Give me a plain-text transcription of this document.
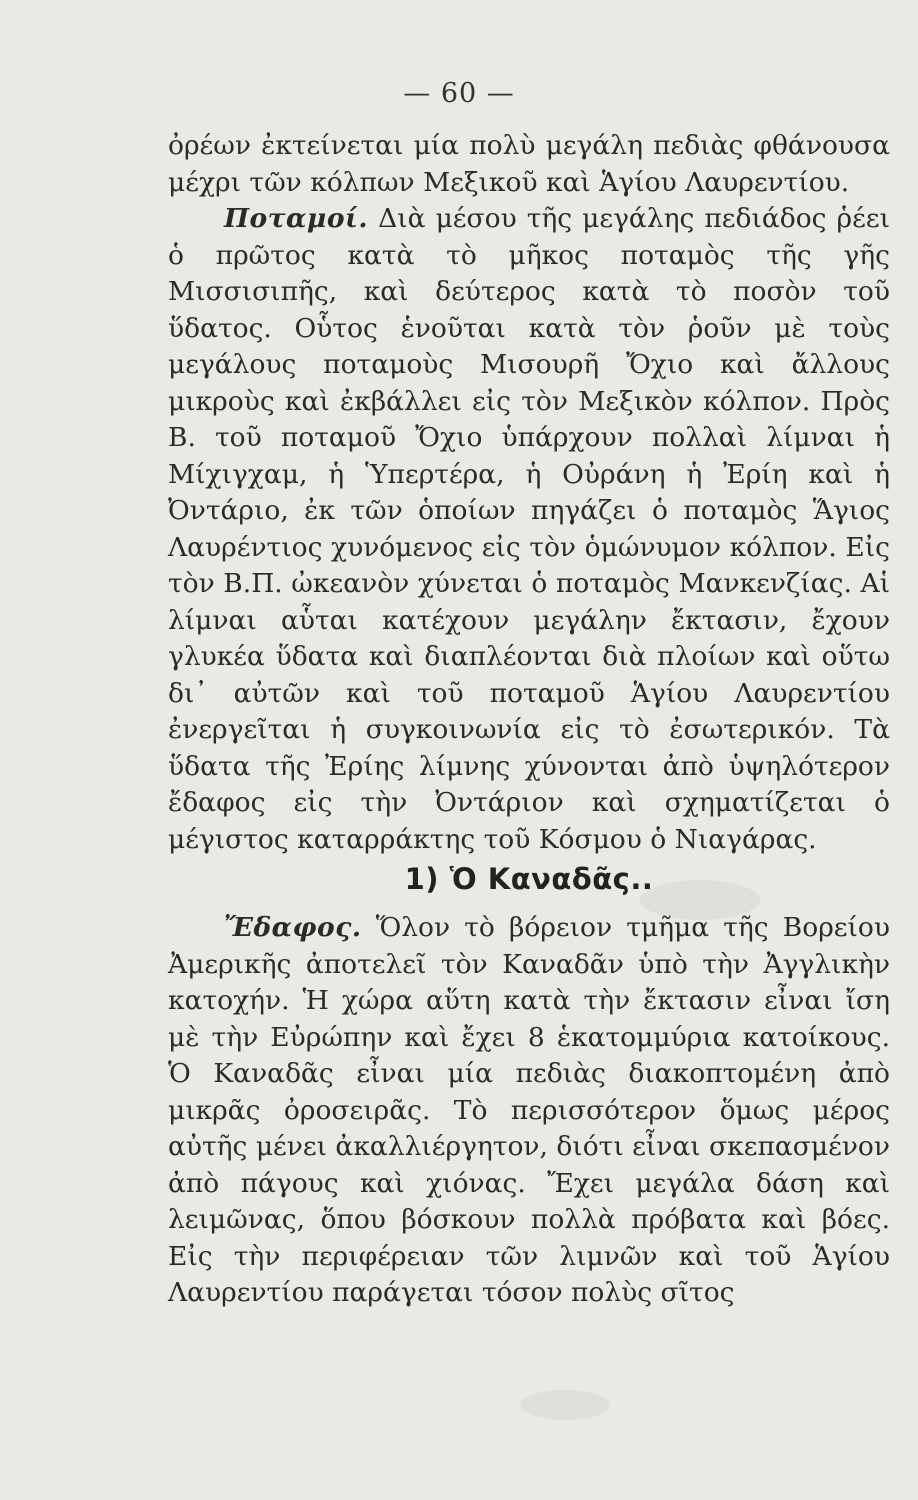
— 60 —

ὀρέων ἐκτείνεται μία πολὺ μεγάλη πεδιὰς φθάνουσα μέχρι τῶν κόλπων Μεξικοῦ καὶ Ἁγίου Λαυρεντίου.

Ποταμοί. Διὰ μέσου τῆς μεγάλης πεδιάδος ῥέει ὁ πρῶτος κατὰ τὸ μῆκος ποταμὸς τῆς γῆς Μισσισιπῆς, καὶ δεύτερος κατὰ τὸ ποσὸν τοῦ ὕδατος. Οὗτος ἑνοῦται κατὰ τὸν ῥοῦν μὲ τοὺς μεγάλους ποταμοὺς Μισουρῆ Ὄχιο καὶ ἄλλους μικροὺς καὶ ἐκβάλλει εἰς τὸν Μεξικὸν κόλπον. Πρὸς Β. τοῦ ποταμοῦ Ὄχιο ὑπάρχουν πολλαὶ λίμναι ἡ Μίχιγχαμ, ἡ Ὑπερτέρα, ἡ Οὐράνη ἡ Ἐρίη καὶ ἡ Ὀντάριο, ἐκ τῶν ὁποίων πηγάζει ὁ ποταμὸς Ἅγιος Λαυρέντιος χυνόμενος εἰς τὸν ὁμώνυμον κόλπον. Εἰς τὸν Β.Π. ὠκεανὸν χύνεται ὁ ποταμὸς Μανκενζίας. Αἱ λίμναι αὗται κατέχουν μεγάλην ἔκτασιν, ἔχουν γλυκέα ὕδατα καὶ διαπλέονται διὰ πλοίων καὶ οὕτω δι᾽ αὐτῶν καὶ τοῦ ποταμοῦ Ἁγίου Λαυρεντίου ἐνεργεῖται ἡ συγκοινωνία εἰς τὸ ἐσωτερικόν. Τὰ ὕδατα τῆς Ἐρίης λίμνης χύνονται ἀπὸ ὑψηλότερον ἔδαφος εἰς τὴν Ὀντάριον καὶ σχηματίζεται ὁ μέγιστος καταρράκτης τοῦ Κόσμου ὁ Νιαγάρας.

1) Ὁ Καναδᾶς..

Ἔδαφος. Ὅλον τὸ βόρειον τμῆμα τῆς Βορείου Ἀμερικῆς ἀποτελεῖ τὸν Καναδᾶν ὑπὸ τὴν Ἀγγλικὴν κατοχήν. Ἡ χώρα αὕτη κατὰ τὴν ἔκτασιν εἶναι ἴση μὲ τὴν Εὐρώπην καὶ ἔχει 8 ἑκατομμύρια κατοίκους. Ὁ Καναδᾶς εἶναι μία πεδιὰς διακοπτομένη ἀπὸ μικρᾶς ὀροσειρᾶς. Τὸ περισσότερον ὅμως μέρος αὐτῆς μένει ἀκαλλιέργητον, διότι εἶναι σκεπασμένον ἀπὸ πάγους καὶ χιόνας. Ἔχει μεγάλα δάση καὶ λειμῶνας, ὅπου βόσκουν πολλὰ πρόβατα καὶ βόες. Εἰς τὴν περιφέρειαν τῶν λιμνῶν καὶ τοῦ Ἁγίου Λαυρεντίου παράγεται τόσον πολὺς σῖτος
